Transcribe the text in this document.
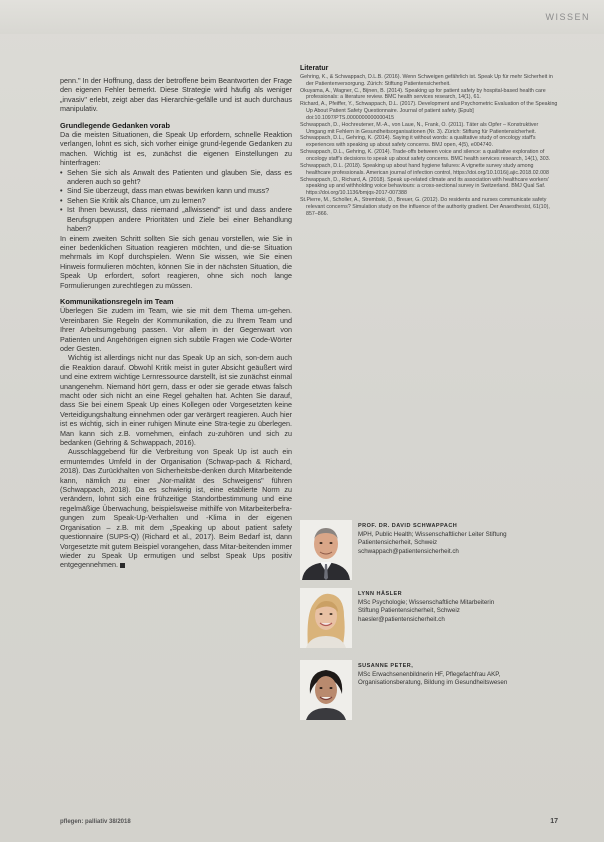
WISSEN

penn." In der Hoffnung, dass der betroffene beim Beantworten der Frage den eigenen Fehler bemerkt. Diese Strategie wird häufig als weniger „invasiv" erlebt, zeigt aber das Hierarchie-gefälle und ist auch durchaus manipulativ.

Grundlegende Gedanken vorab

Da die meisten Situationen, die Speak Up erfordern, schnelle Reaktion verlangen, lohnt es sich, sich vorher einige grund-legende Gedanken zu machen. Wichtig ist es, zunächst die eigenen Einstellungen zu hinterfragen:

• Sehen Sie sich als Anwalt des Patienten und glauben Sie, dass es anderen auch so geht?
• Sind Sie überzeugt, dass man etwas bewirken kann und muss?
• Sehen Sie Kritik als Chance, um zu lernen?
• Ist Ihnen bewusst, dass niemand „allwissend" ist und dass andere Berufsgruppen andere Prioritäten und Ziele bei einer Behandlung haben?

In einem zweiten Schritt sollten Sie sich genau vorstellen, wie Sie in einer bedenklichen Situation reagieren möchten, und die-se Situation mehrmals im Kopf durchspielen. Wenn Sie wissen, wie Sie einen Hinweis formulieren möchten, können Sie in der nächsten Situation, die Speak Up erfordert, sofort reagieren, ohne sich noch lange Formulierungen zurechtlegen zu müssen.

Kommunikationsregeln im Team

Überlegen Sie zudem im Team, wie sie mit dem Thema um-gehen. Vereinbaren Sie Regeln der Kommunikation, die zu Ihrem Team und Ihrer Arbeitsumgebung passen. Vor allem in der Gegenwart von Patienten und Angehörigen eignen sich subtile Fragen wie Code-Wörter oder Gesten.

Wichtig ist allerdings nicht nur das Speak Up an sich, son-dern auch die Reaktion darauf. Obwohl Kritik meist in guter Absicht geäußert wird und eine extrem wichtige Lernressource darstellt, ist sie zunächst einmal unangenehm. Niemand hört gern, dass er oder sie gerade etwas falsch macht oder sich nicht an eine Regel gehalten hat. Achten Sie darauf, dass Sie bei einem Speak Up eines Kollegen oder Vorgesetzten keine Verteidigungshaltung einnehmen oder gar verärgert reagieren. Auch hier ist es wichtig, sich in einer ruhigen Minute eine Stra-tegie zu überlegen. Man kann sich z.B. vornehmen, einfach zu-zuhören und sich zu bedanken (Gehring & Schwappach, 2016).

Ausschlaggebend für die Verbreitung von Speak Up ist auch ein ermunterndes Umfeld in der Organisation (Schwap-pach & Richard, 2018). Das Zurückhalten von Sicherheitsbe-denken durch Mitarbeitende kann, nämlich zu einer „Nor-malität des Schweigens" führen (Schwappach, 2018). Da es schwierig ist, eine etablierte Norm zu verändern, lohnt sich eine frühzeitige Standortbestimmung und eine regelmäßige Überwachung, beispielsweise mithilfe von Mitarbeiterbefra-gungen zum Speak-Up-Verhalten und -Klima in der eigenen Organisation – z.B. mit dem „Speaking up about patient safety questionnaire (SUPS-Q) (Richard et al., 2017). Beim Bedarf ist, dann Vorgesetzte mit gutem Beispiel vorangehen, dass Mitar-beitenden immer wieder zu Speak Up ermutigen und selbst Speak Ups positiv entgegennehmen.

Literatur

Gehring, K., & Schwappach, D.L.B. (2016). Wenn Schweigen gefährlich ist. Speak Up für mehr Sicherheit in der Patientenversorgung. Zürich: Stiftung Patientensicherheit.

Okuyama, A., Wagner, C., Bijnen, B. (2014). Speaking up for patient safety by hospital-based health care professionals: a literature review. BMC health services research, 14(1), 61.

Richard, A., Pfeiffer, Y., Schwappach, D.L. (2017). Development and Psychometric Evaluation of the Speaking Up About Patient Safety Questionnaire. Journal of patient safety. [Epub] doi:10.1097/PTS.0000000000000415

Schwappach, D., Hochreutener, M.-A., von Laue, N., Frank, O. (2011). Täter als Opfer – Konstruktiver Umgang mit Fehlern in Gesundheitsorganisationen (Nr. 3). Zürich: Stiftung für Patientensicherheit.

Schwappach, D.L., Gehring, K. (2014). Saying it without words: a qualitative study of oncology staff's experiences with speaking up about safety concerns. BMJ open, 4(5), e004740.

Schwappach, D.L., Gehring, K. (2014). Trade-offs between voice and silence: a qualitative exploration of oncology staff's decisions to speak up about safety concerns. BMC health services research, 14(1), 303.

Schwappach, D.L. (2018). Speaking up about hand hygiene failures: A vignette survey study among healthcare professionals. American journal of infection control, https://doi.org/10.1016/j.ajic.2018.02.008

Schwappach, D., Richard, A. (2018). Speak up-related climate and its association with healthcare workers' speaking up and withholding voice behaviours: a cross-sectional survey in Switzerland. BMJ Qual Saf. https://doi.org/10.1136/bmjqs-2017-007388

St.Pierre, M., Scholler, A., Strembski, D., Breuer, G. (2012). Do residents and nurses communicate safety relevant concerns? Simulation study on the influence of the authority gradient. Der Anaesthesist, 61(10), 857–866.

PROF. DR. DAVID SCHWAPPACH
MPH, Public Health; Wissenschaftlicher Leiter Stiftung
Patientensicherheit, Schweiz
schwappach@patientensicherheit.ch
LYNN HÄSLER
MSc Psychologie; Wissenschaftliche Mitarbeiterin
Stiftung Patientensicherheit, Schweiz
haesler@patientensicherheit.ch
SUSANNE PETER,
MSc Erwachsenenbildnerin HF, Pflegefachfrau AKP,
Organisationsberatung, Bildung im Gesundheitswesen
pflegen: palliativ 38/2018	17
